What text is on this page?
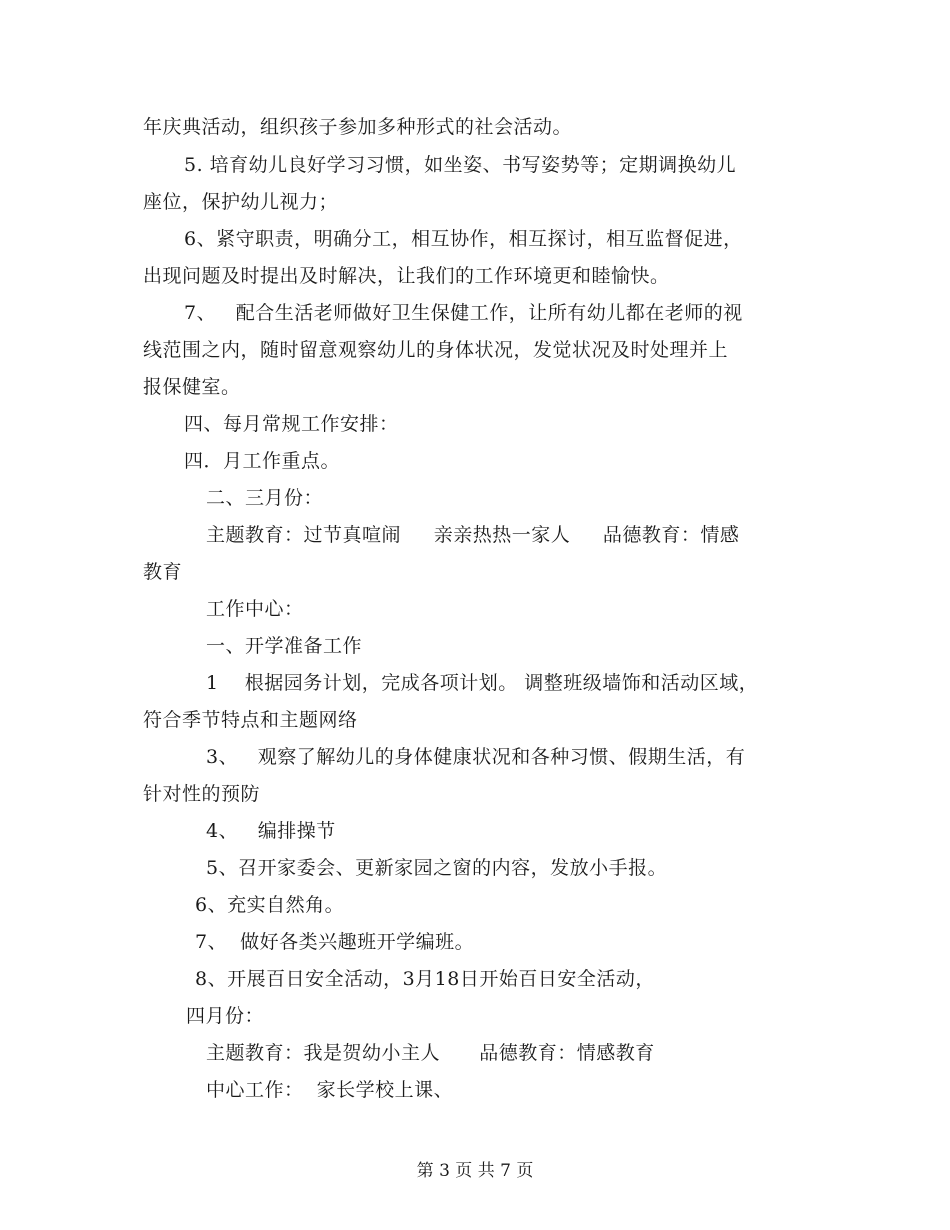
年庆典活动，组织孩子参加多种形式的社会活动。
5. 培育幼儿良好学习习惯，如坐姿、书写姿势等；定期调换幼儿
座位，保护幼儿视力；
6、紧守职责，明确分工，相互协作，相互探讨，相互监督促进，
出现问题及时提出及时解决，让我们的工作环境更和睦愉快。
7、   配合生活老师做好卫生保健工作，让所有幼儿都在老师的视
线范围之内，随时留意观察幼儿的身体状况，发觉状况及时处理并上
报保健室。
四、每月常规工作安排：
四．月工作重点。
二、三月份：
主题教育：过节真喧闹     亲亲热热一家人     品德教育：情感
教育
工作中心：
一、开学准备工作
1    根据园务计划，完成各项计划。 调整班级墙饰和活动区域，
符合季节特点和主题网络
3、   观察了解幼儿的身体健康状况和各种习惯、假期生活，有
针对性的预防
4、   编排操节
5、召开家委会、更新家园之窗的内容，发放小手报。
6、充实自然角。
7、  做好各类兴趣班开学编班。
8、开展百日安全活动，3月18日开始百日安全活动，
四月份：
主题教育：我是贺幼小主人      品德教育：情感教育
中心工作：  家长学校上课、
第 3 页 共 7 页
